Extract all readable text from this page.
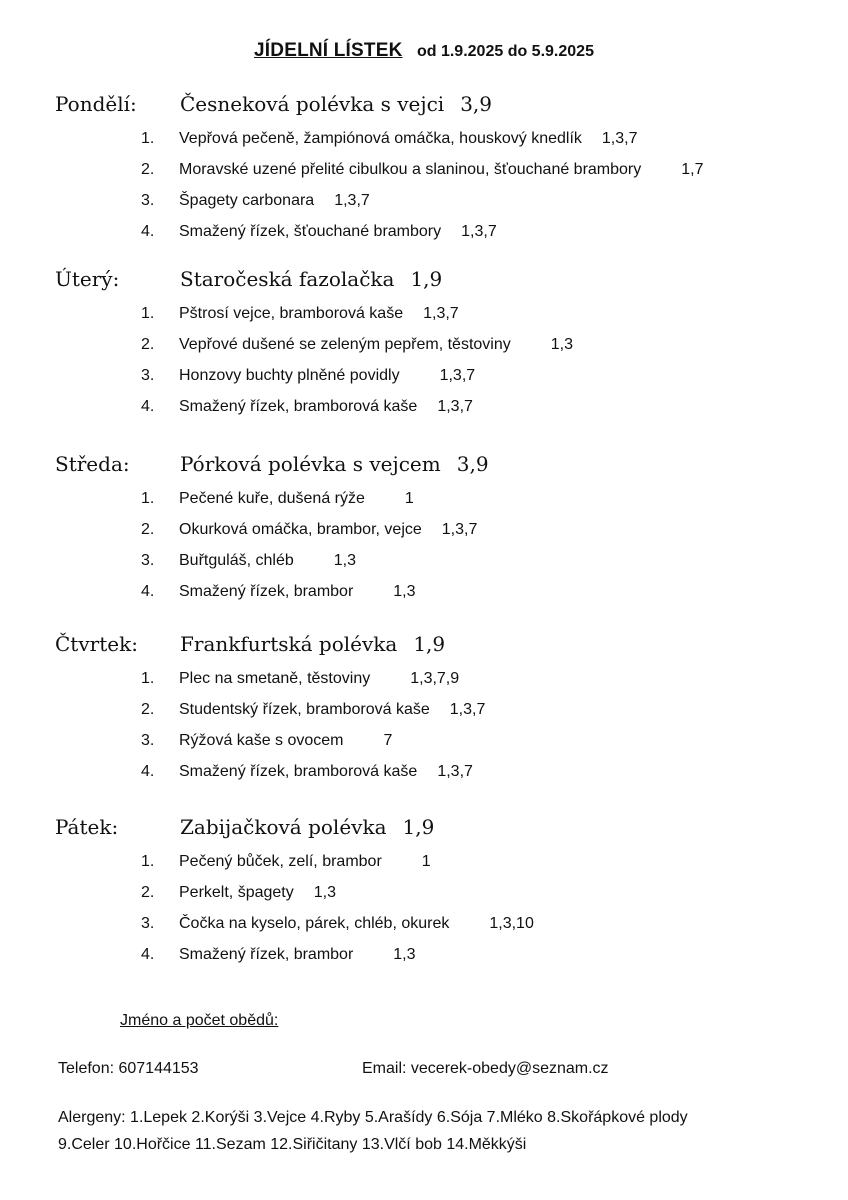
JÍDELNÍ LÍSTEK od 1.9.2025 do 5.9.2025
Pondělí: Česneková polévka s vejci 3,9
1. Vepřová pečeně, žampiónová omáčka, houskový knedlík 1,3,7
2. Moravské uzené přelité cibulkou a slaninou, šťouchané brambory	1,7
3. Špagety carbonara 1,3,7
4. Smažený řízek, šťouchané brambory 1,3,7
Úterý:	Staročeská fazolačka 1,9
1. Pštrosí vejce, bramborová kaše 1,3,7
2. Vepřové dušené se zeleným pepřem, těstoviny	1,3
3. Honzovy buchty plněné povidly	1,3,7
4. Smažený řízek, bramborová kaše 1,3,7
Středa:	Pórková polévka s vejcem 3,9
1. Pečené kuře, dušená rýže	1
2. Okurková omáčka, brambor, vejce 1,3,7
3. Buřtguláš, chléb	1,3
4. Smažený řízek, brambor	1,3
Čtvrtek: Frankfurtská polévka 1,9
1. Plec na smetaně, těstoviny	1,3,7,9
2. Studentský řízek, bramborová kaše 1,3,7
3. Rýžová kaše s ovocem	7
4. Smažený řízek, bramborová kaše 1,3,7
Pátek:	Zabijačková polévka 1,9
1. Pečený bůček, zelí, brambor	1
2. Perkelt, špagety 1,3
3. Čočka na kyselo, párek, chléb, okurek	1,3,10
4. Smažený řízek, brambor	1,3
Jméno a počet obědů:
Telefon: 607144153	Email: vecerek-obedy@seznam.cz
Alergeny: 1.Lepek 2.Korýši 3.Vejce 4.Ryby 5.Arašídy 6.Sója 7.Mléko 8.Skořápkové plody
9.Celer 10.Hořčice 11.Sezam 12.Siřičitany 13.Vlčí bob 14.Měkkýši
